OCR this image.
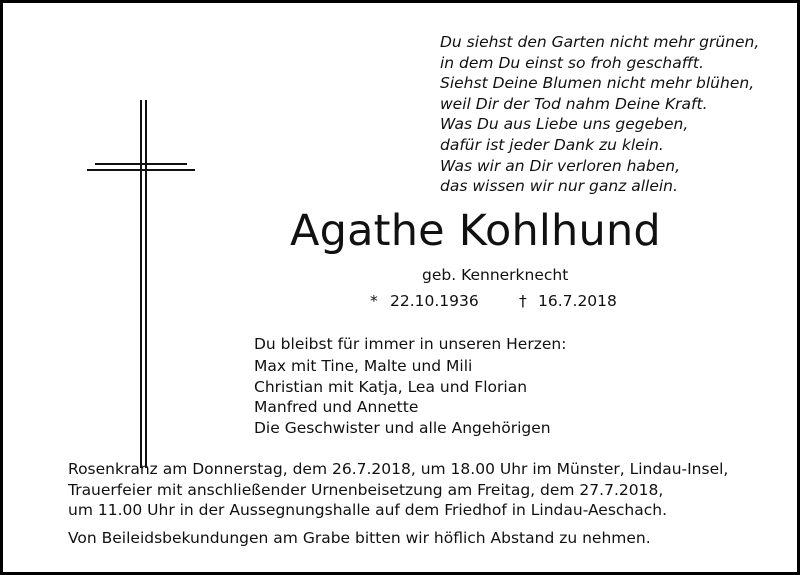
Du siehst den Garten nicht mehr grünen,
in dem Du einst so froh geschafft.
Siehst Deine Blumen nicht mehr blühen,
weil Dir der Tod nahm Deine Kraft.
Was Du aus Liebe uns gegeben,
dafür ist jeder Dank zu klein.
Was wir an Dir verloren haben,
das wissen wir nur ganz allein.
Agathe Kohlhund
geb. Kennerknecht
* 22.10.1936	† 16.7.2018
Du bleibst für immer in unseren Herzen:
Max mit Tine, Malte und Mili
Christian mit Katja, Lea und Florian
Manfred und Annette
Die Geschwister und alle Angehörigen
Rosenkranz am Donnerstag, dem 26.7.2018, um 18.00 Uhr im Münster, Lindau-Insel,
Trauerfeier mit anschließender Urnenbeisetzung am Freitag, dem 27.7.2018,
um 11.00 Uhr in der Aussegnungshalle auf dem Friedhof in Lindau-Aeschach.
Von Beileidsbekundungen am Grabe bitten wir höflich Abstand zu nehmen.
